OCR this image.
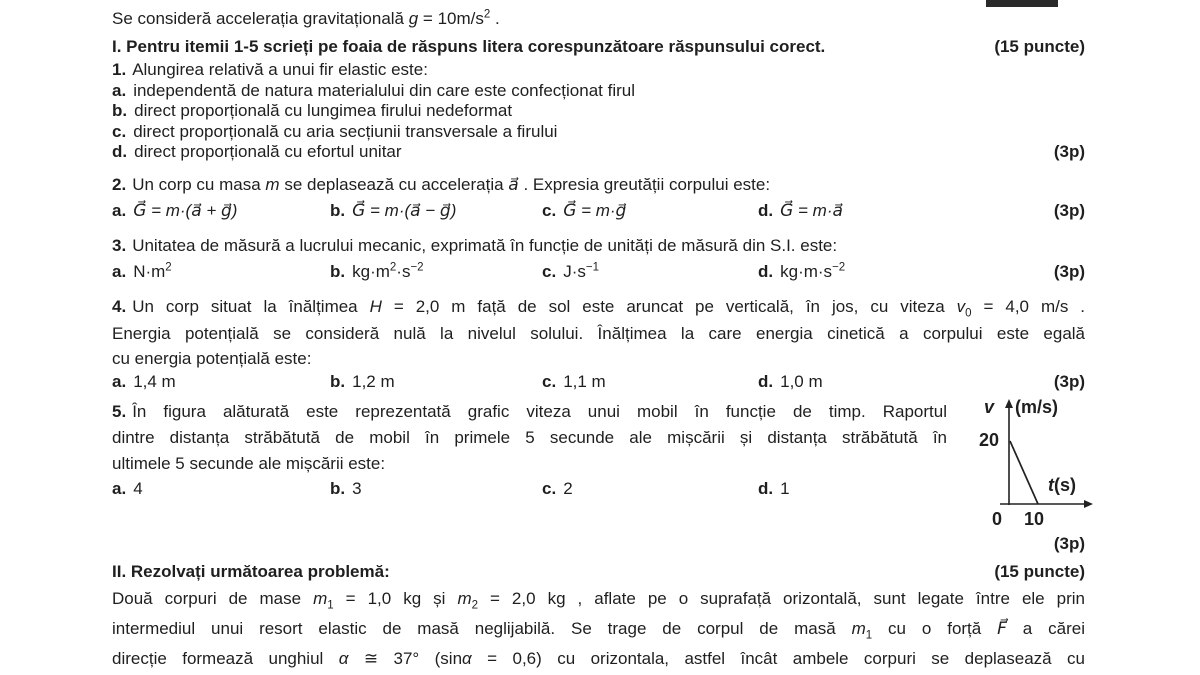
Se consideră accelerația gravitațională $g = 10m/s^2$ .
I. Pentru itemii 1-5 scrieți pe foaia de răspuns litera corespunzătoare răspunsului corect.	(15 puncte)
1. Alungirea relativă a unui fir elastic este:
a. independentă de natura materialului din care este confecționat firul
b. direct proporțională cu lungimea firului nedeformat
c. direct proporțională cu aria secțiunii transversale a firului
d. direct proporțională cu efortul unitar	(3p)
2. Un corp cu masa m se deplasează cu accelerația a⃗ . Expresia greutății corpului este:
a. G⃗ = m·(a⃗ + g⃗)	b. G⃗ = m·(a⃗ − g⃗)	c. G⃗ = m·g⃗	d. G⃗ = m·a⃗	(3p)
3. Unitatea de măsură a lucrului mecanic, exprimată în funcție de unități de măsură din S.I. este:
a. $N\cdot m^2$	b. $kg\cdot m^2\cdot s^{-2}$	c. $J\cdot s^{-1}$	d. $kg\cdot m\cdot s^{-2}$	(3p)
4. Un corp situat la înălțimea H = 2,0 m față de sol este aruncat pe verticală, în jos, cu viteza $v_0 = 4,0$ m/s .
Energia potențială se consideră nulă la nivelul solului. Înălțimea la care energia cinetică a corpului este egală
cu energia potențială este:
a. 1,4 m	b. 1,2 m	c. 1,1 m	d. 1,0 m	(3p)
5. În figura alăturată este reprezentată grafic viteza unui mobil în funcție de timp. Raportul
dintre distanța străbătută de mobil în primele 5 secunde ale mișcării și distanța străbătută în
ultimele 5 secunde ale mișcării este:
a. 4	b. 3	c. 2	d. 1
(3p)
v (m/s)
20
0 10
t(s)
II. Rezolvați următoarea problemă:	(15 puncte)
Două corpuri de mase $m_1 = 1,0$ kg și $m_2 = 2,0$ kg , aflate pe o suprafață orizontală, sunt legate între ele prin
intermediul unui resort elastic de masă neglijabilă. Se trage de corpul de masă $m_1$ cu o forță F⃗ a cărei
direcție formează unghiul α ≅ 37° (sinα = 0,6) cu orizontala, astfel încât ambele corpuri se deplasează cu
